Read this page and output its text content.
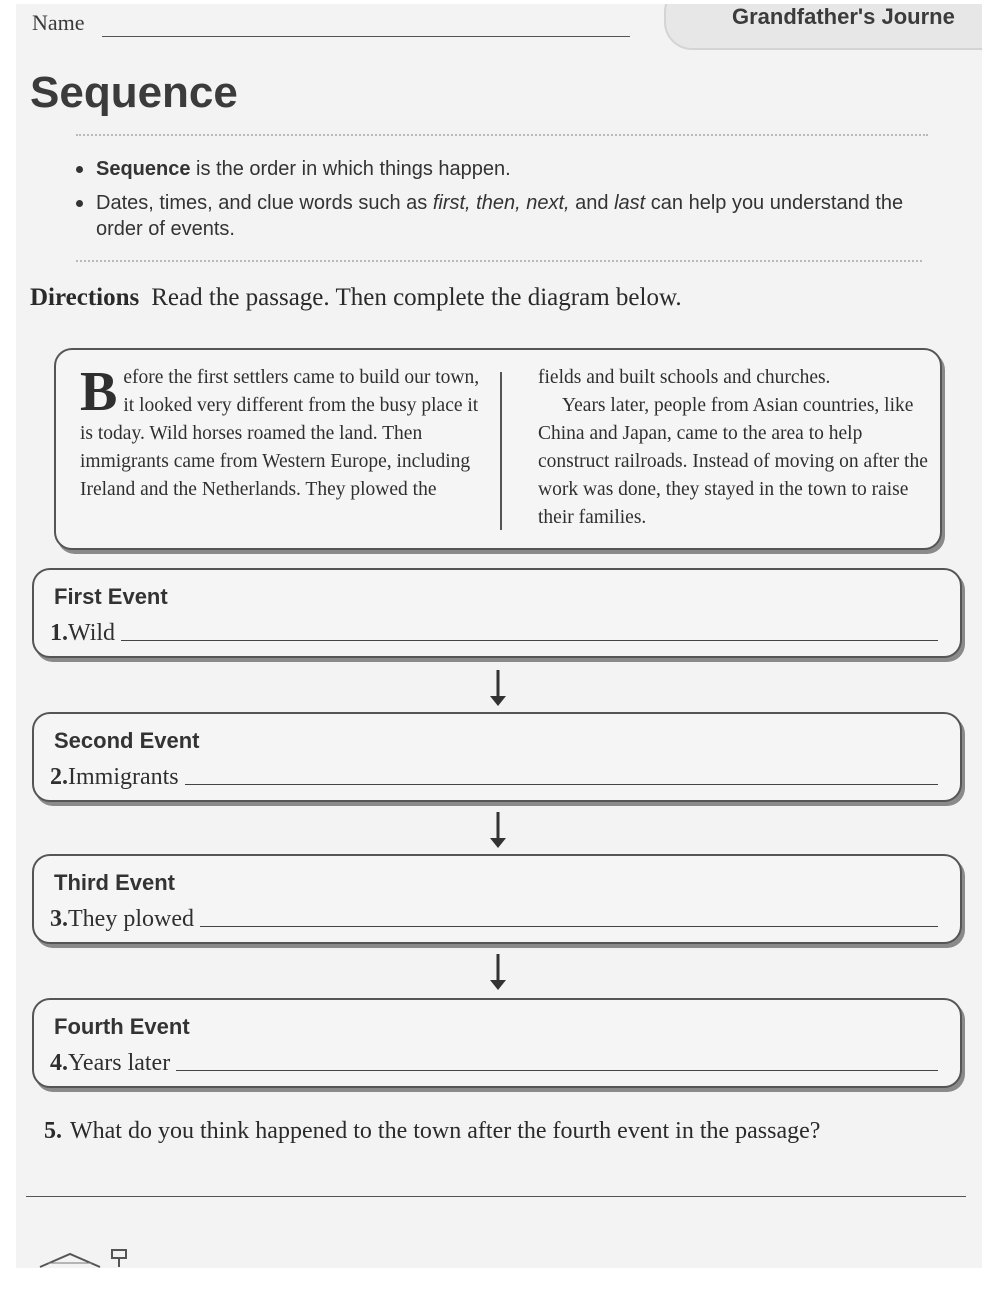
Name	Grandfather's Journe
Sequence
Sequence is the order in which things happen.
Dates, times, and clue words such as first, then, next, and last can help you understand the order of events.
Directions Read the passage. Then complete the diagram below.
Before the first settlers came to build our town, it looked very different from the busy place it is today. Wild horses roamed the land. Then immigrants came from Western Europe, including Ireland and the Netherlands. They plowed the
fields and built schools and churches.
Years later, people from Asian countries, like China and Japan, came to the area to help construct railroads. Instead of moving on after the work was done, they stayed in the town to raise their families.
First Event
1. Wild
Second Event
2. Immigrants
Third Event
3. They plowed
Fourth Event
4. Years later
5. What do you think happened to the town after the fourth event in the passage?
